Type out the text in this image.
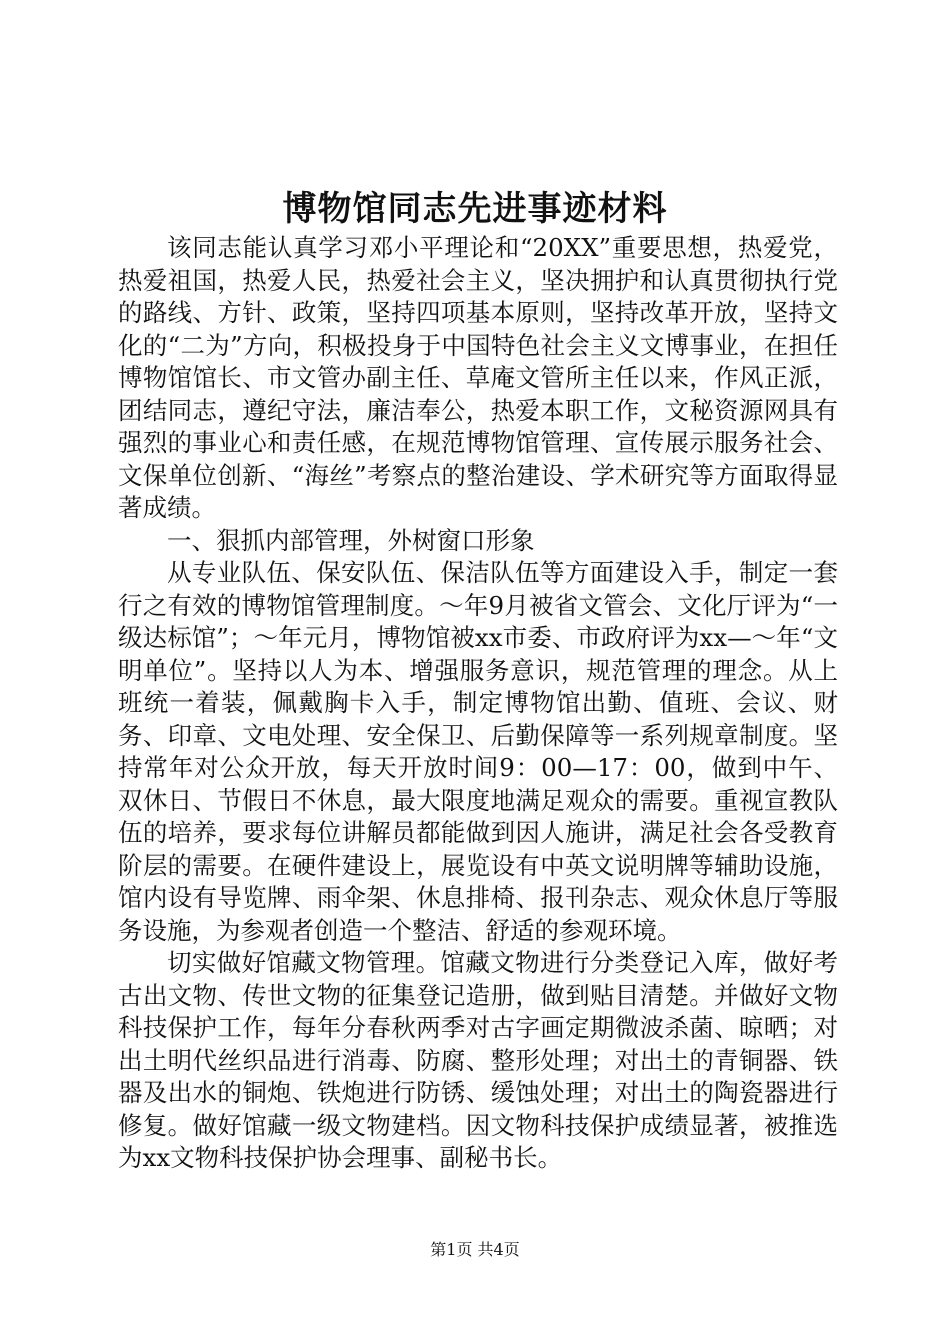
博物馆同志先进事迹材料

该同志能认真学习邓小平理论和“20XX”重要思想，热爱党，热爱祖国，热爱人民，热爱社会主义，坚决拥护和认真贯彻执行党的路线、方针、政策，坚持四项基本原则，坚持改革开放，坚持文化的“二为”方向，积极投身于中国特色社会主义文博事业，在担任博物馆馆长、市文管办副主任、草庵文管所主任以来，作风正派，团结同志，遵纪守法，廉洁奉公，热爱本职工作，文秘资源网具有强烈的事业心和责任感，在规范博物馆管理、宣传展示服务社会、文保单位创新、“海丝”考察点的整治建设、学术研究等方面取得显著成绩。

一、狠抓内部管理，外树窗口形象

从专业队伍、保安队伍、保洁队伍等方面建设入手，制定一套行之有效的博物馆管理制度。～年9月被省文管会、文化厅评为“一级达标馆”；～年元月，博物馆被xx市委、市政府评为xx—～年“文明单位”。坚持以人为本、增强服务意识，规范管理的理念。从上班统一着装，佩戴胸卡入手，制定博物馆出勤、值班、会议、财务、印章、文电处理、安全保卫、后勤保障等一系列规章制度。坚持常年对公众开放，每天开放时间9：00—17：00，做到中午、双休日、节假日不休息，最大限度地满足观众的需要。重视宣教队伍的培养，要求每位讲解员都能做到因人施讲，满足社会各受教育阶层的需要。在硬件建设上，展览设有中英文说明牌等辅助设施，馆内设有导览牌、雨伞架、休息排椅、报刊杂志、观众休息厅等服务设施，为参观者创造一个整洁、舒适的参观环境。

切实做好馆藏文物管理。馆藏文物进行分类登记入库，做好考古出文物、传世文物的征集登记造册，做到贴目清楚。并做好文物科技保护工作，每年分春秋两季对古字画定期微波杀菌、晾晒；对出土明代丝织品进行消毒、防腐、整形处理；对出土的青铜器、铁器及出水的铜炮、铁炮进行防锈、缓蚀处理；对出土的陶瓷器进行修复。做好馆藏一级文物建档。因文物科技保护成绩显著，被推选为xx文物科技保护协会理事、副秘书长。

第1页 共4页
